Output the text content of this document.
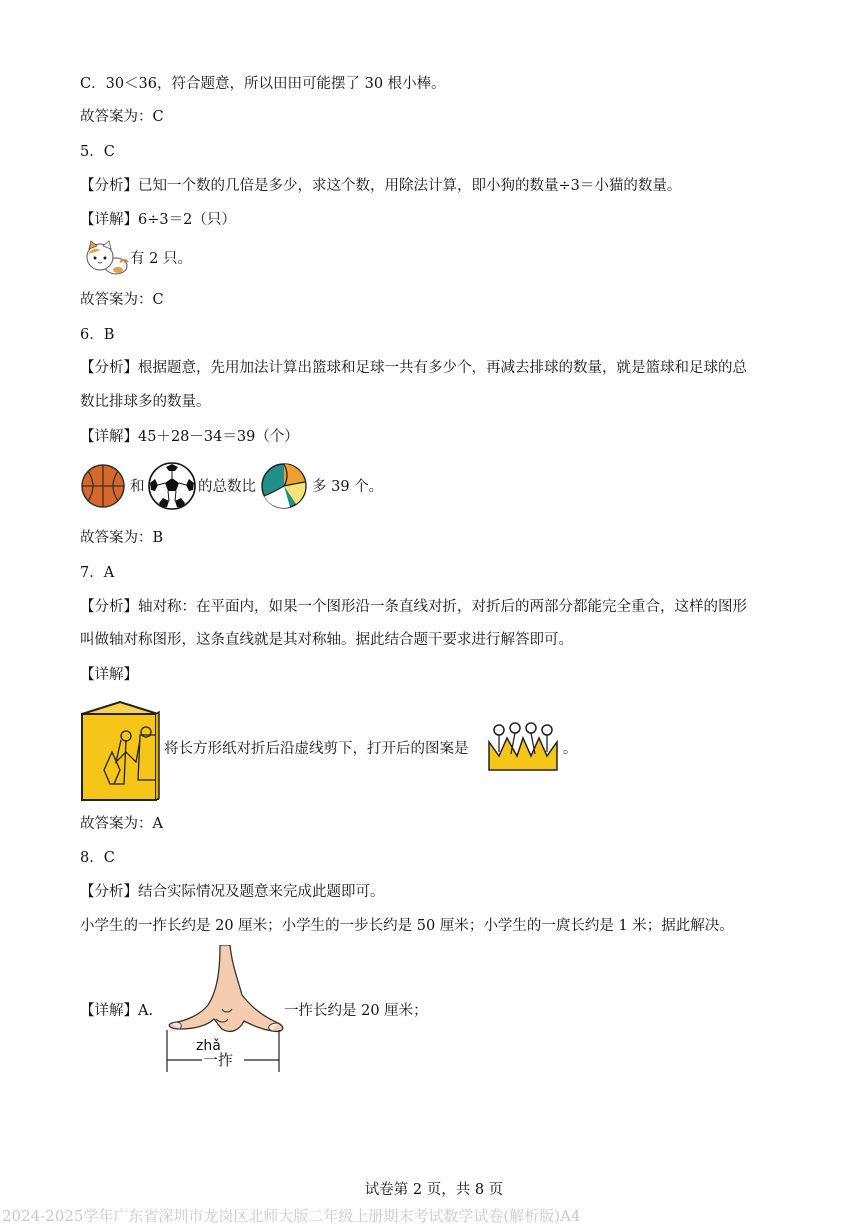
C．30＜36，符合题意，所以田田可能摆了 30 根小棒。
故答案为：C
5．C
【分析】已知一个数的几倍是多少，求这个数，用除法计算，即小狗的数量÷3＝小猫的数量。
【详解】6÷3＝2（只）
有 2 只。
故答案为：C
6．B
【分析】根据题意，先用加法计算出篮球和足球一共有多少个，再减去排球的数量，就是篮球和足球的总
数比排球多的数量。
【详解】45＋28－34＝39（个）
和	的总数比	多 39 个。
故答案为：B
7．A
【分析】轴对称：在平面内，如果一个图形沿一条直线对折，对折后的两部分都能完全重合，这样的图形
叫做轴对称图形，这条直线就是其对称轴。据此结合题干要求进行解答即可。
【详解】
将长方形纸对折后沿虚线剪下，打开后的图案是	。
故答案为：A
8．C
【分析】结合实际情况及题意来完成此题即可。
小学生的一拃长约是 20 厘米；小学生的一步长约是 50 厘米；小学生的一庹长约是 1 米；据此解决。
【详解】A.
zhǎ
一拃
一拃长约是 20 厘米；
试卷第 2 页，共 8 页
2024-2025学年广东省深圳市龙岗区北师大版二年级上册期末考试数学试卷(解析版)A4
